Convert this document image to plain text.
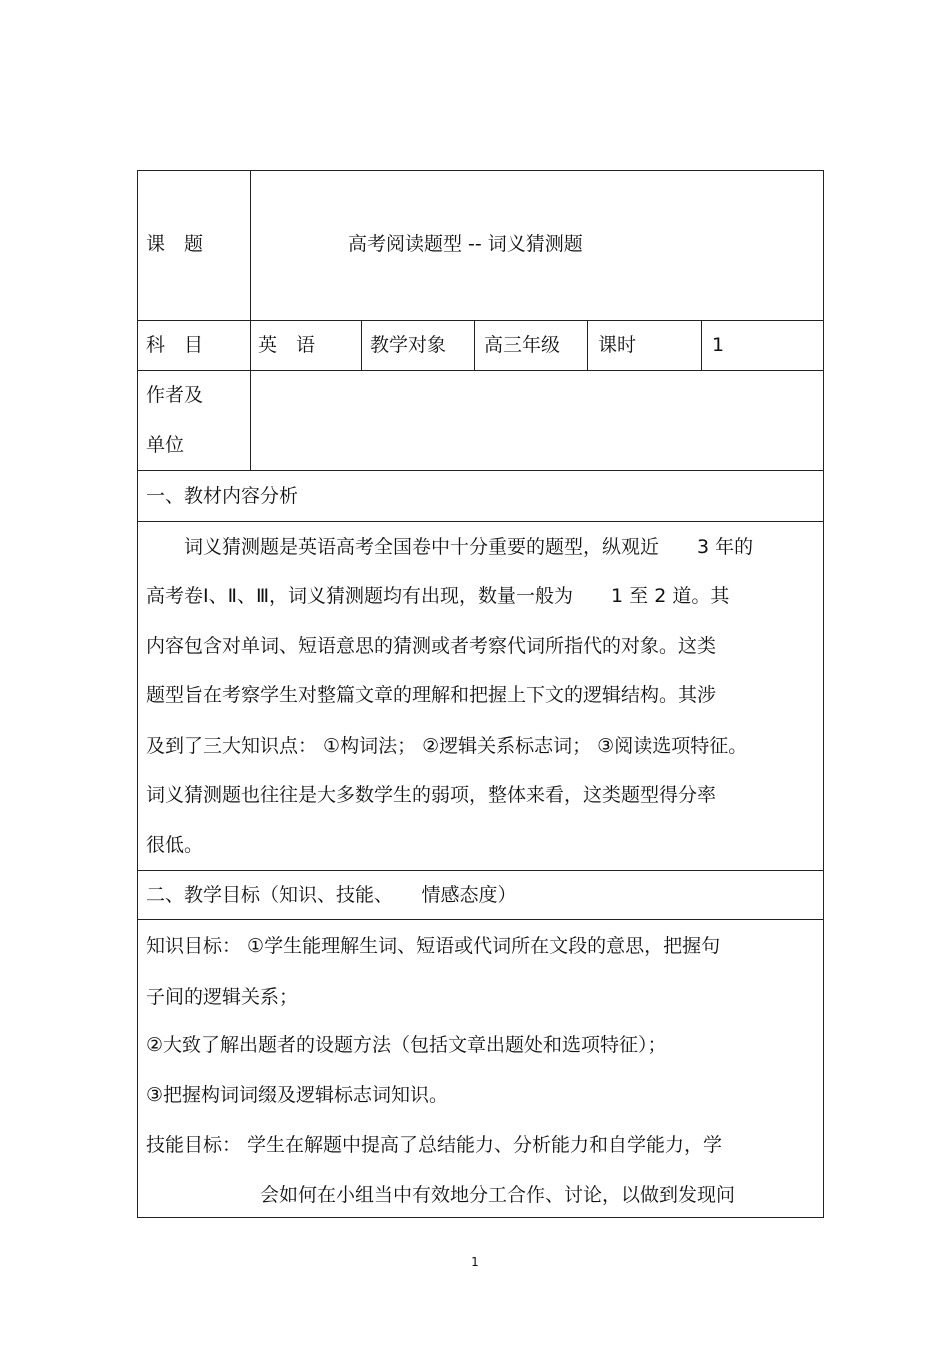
课　题	高考阅读题型 -- 词义猜测题
科　目	英　语	教学对象 高三年级 课时	1
作者及
单位
一、教材内容分析
　　词义猜测题是英语高考全国卷中十分重要的题型，纵观近　　3 年的
高考卷Ⅰ、Ⅱ、Ⅲ，词义猜测题均有出现，数量一般为　　1 至 2 道。其
内容包含对单词、短语意思的猜测或者考察代词所指代的对象。这类
题型旨在考察学生对整篇文章的理解和把握上下文的逻辑结构。其涉
及到了三大知识点： ①构词法； ②逻辑关系标志词； ③阅读选项特征。
词义猜测题也往往是大多数学生的弱项，整体来看，这类题型得分率
很低。
二、教学目标（知识、技能、　　情感态度）
知识目标： ①学生能理解生词、短语或代词所在文段的意思，把握句
子间的逻辑关系；
②大致了解出题者的设题方法（包括文章出题处和选项特征）；
③把握构词词缀及逻辑标志词知识。
技能目标： 学生在解题中提高了总结能力、分析能力和自学能力，学
　　　　　　会如何在小组当中有效地分工合作、讨论，以做到发现问
1
